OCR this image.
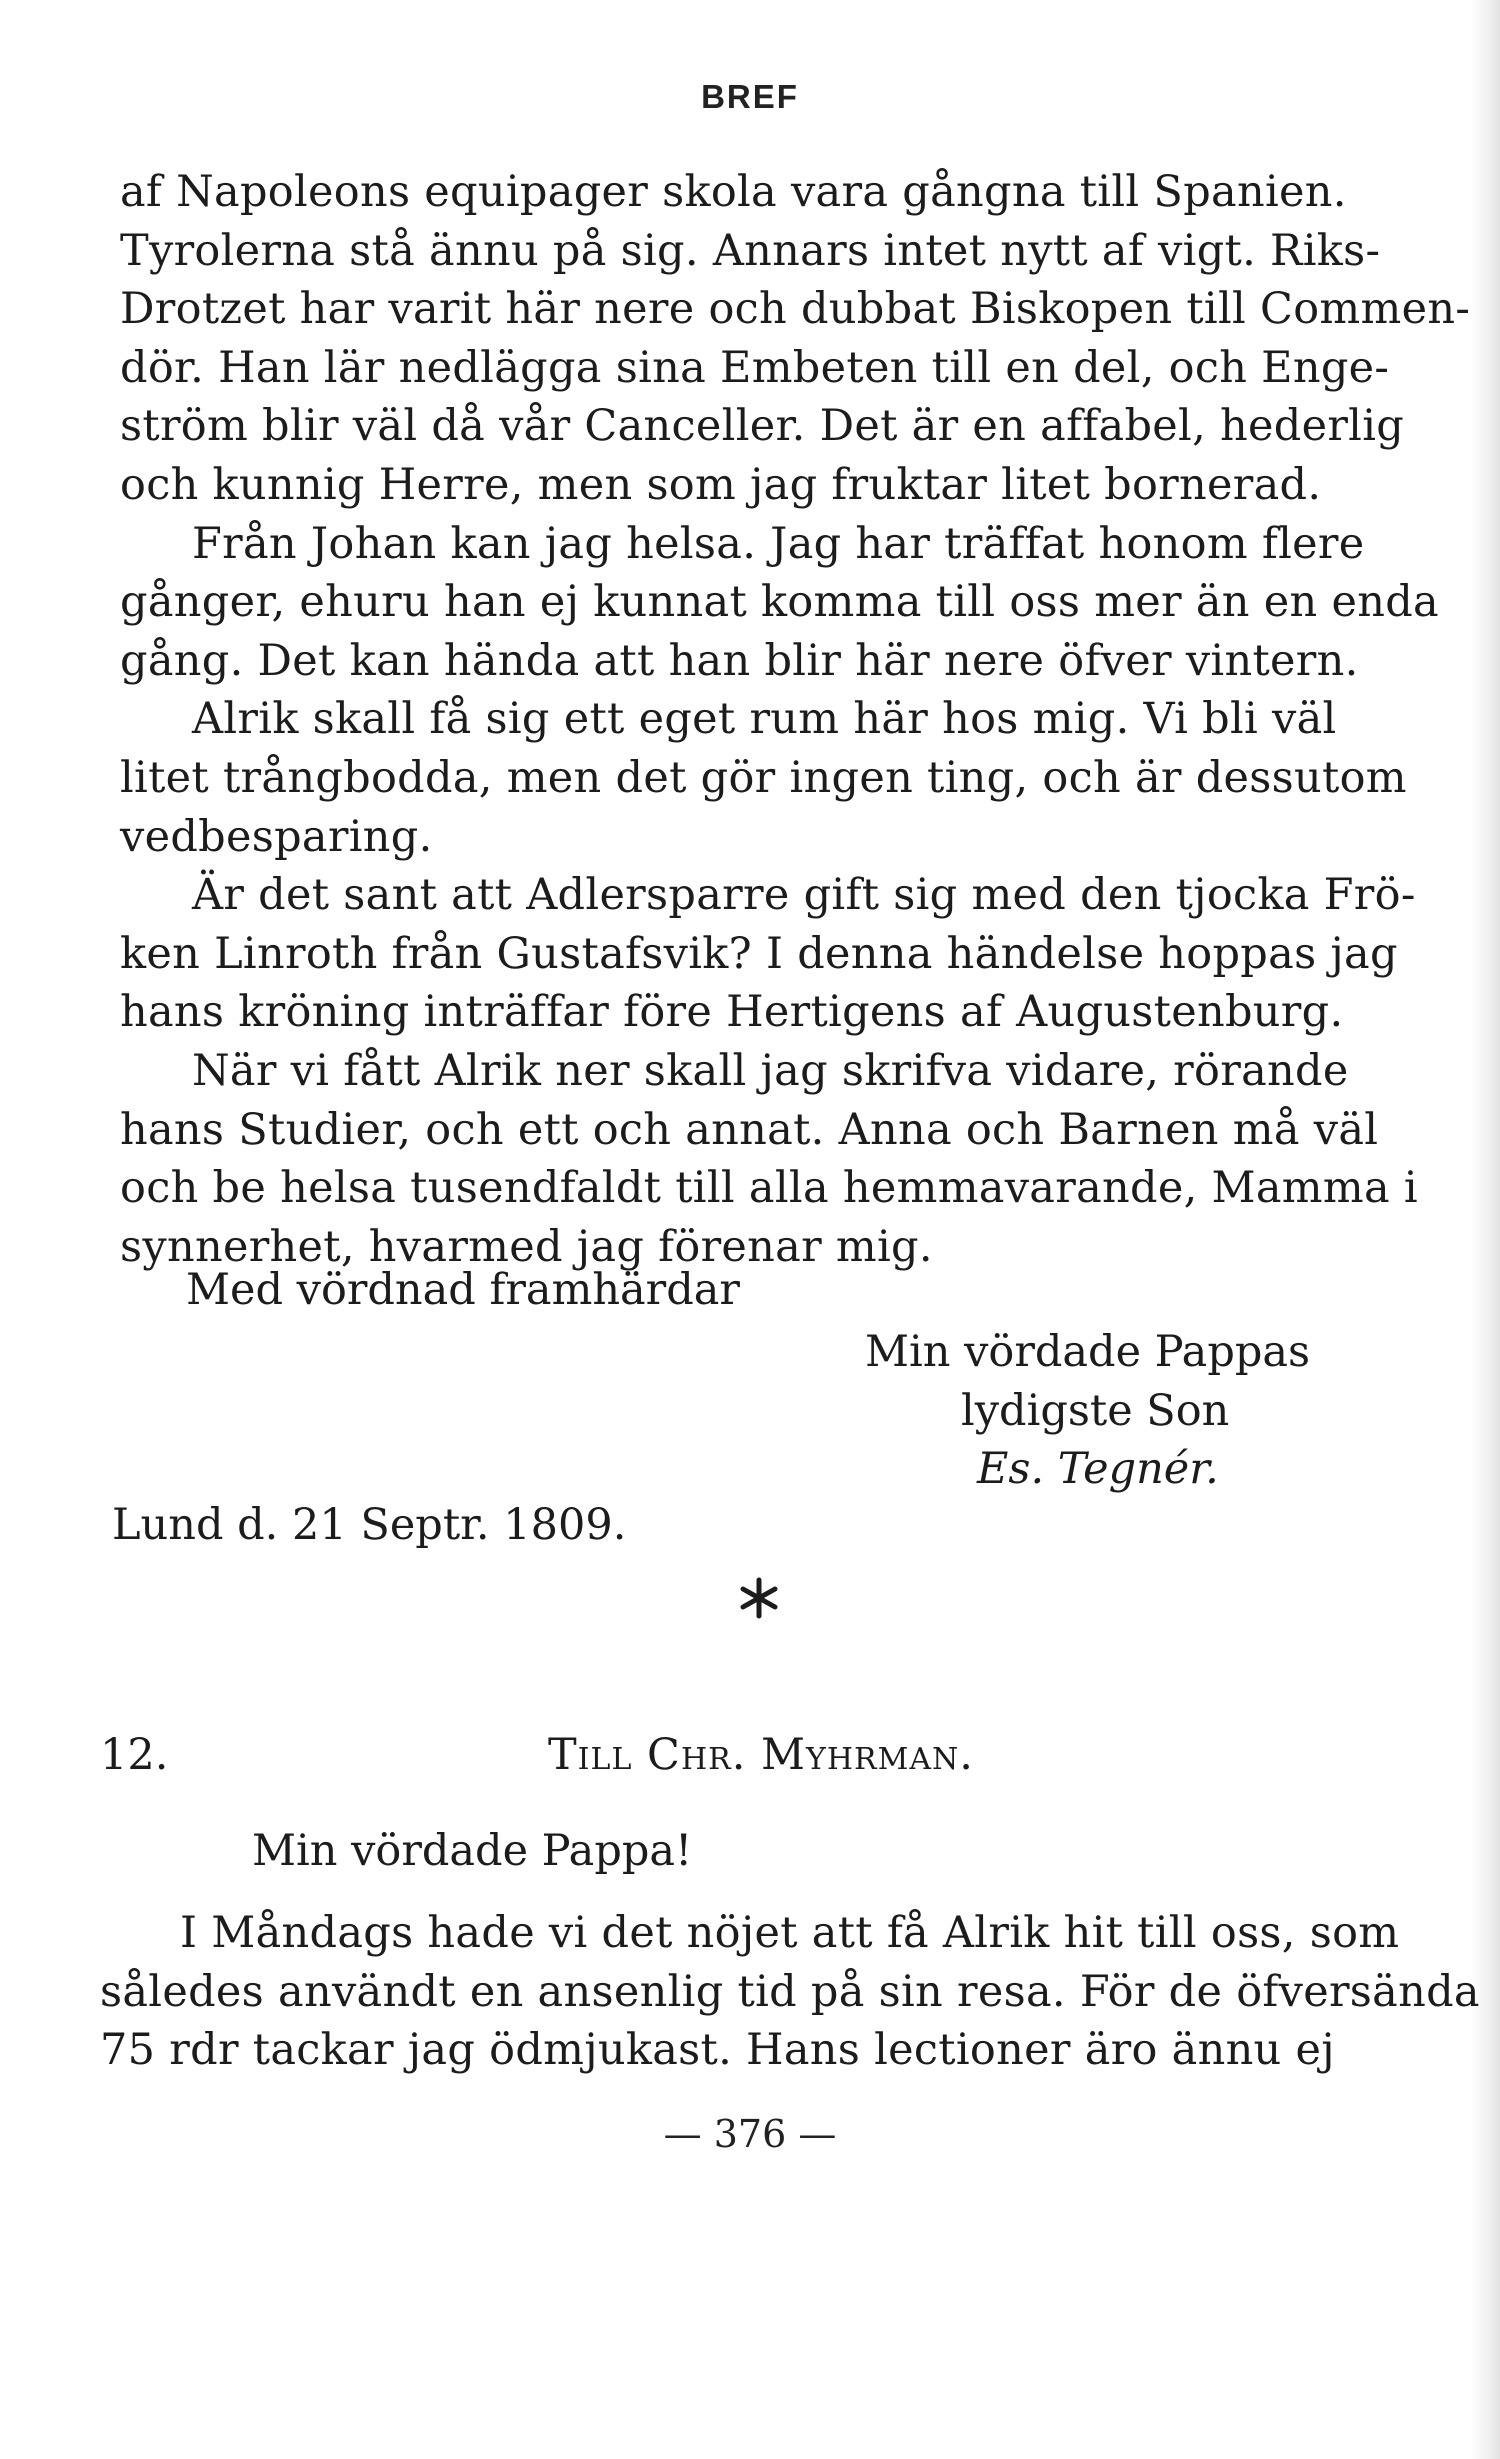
BREF

af Napoleons equipager skola vara gångna till Spanien.

Tyrolerna stå ännu på sig. Annars intet nytt af vigt. Riks-

Drotzet har varit här nere och dubbat Biskopen till Commen-

dör. Han lär nedlägga sina Embeten till en del, och Enge-

ström blir väl då vår Canceller. Det är en affabel, hederlig

och kunnig Herre, men som jag fruktar litet bornerad.

Från Johan kan jag helsa. Jag har träffat honom flere

gånger, ehuru han ej kunnat komma till oss mer än en enda

gång. Det kan hända att han blir här nere öfver vintern.

Alrik skall få sig ett eget rum här hos mig. Vi bli väl

litet trångbodda, men det gör ingen ting, och är dessutom

vedbesparing.

Är det sant att Adlersparre gift sig med den tjocka Frö-

ken Linroth från Gustafsvik? I denna händelse hoppas jag

hans kröning inträffar före Hertigens af Augustenburg.

När vi fått Alrik ner skall jag skrifva vidare, rörande

hans Studier, och ett och annat. Anna och Barnen må väl

och be helsa tusendfaldt till alla hemmavarande, Mamma i

synnerhet, hvarmed jag förenar mig.

Med vördnad framhärdar
Min vördade Pappas
lydigste Son
Es. Tegnér.
Lund d. 21 Septr. 1809.
12.	Till Chr. Myhrman.
Min vördade Pappa!

I Måndags hade vi det nöjet att få Alrik hit till oss, som

således användt en ansenlig tid på sin resa. För de öfversända

75 rdr tackar jag ödmjukast. Hans lectioner äro ännu ej

— 376 —
